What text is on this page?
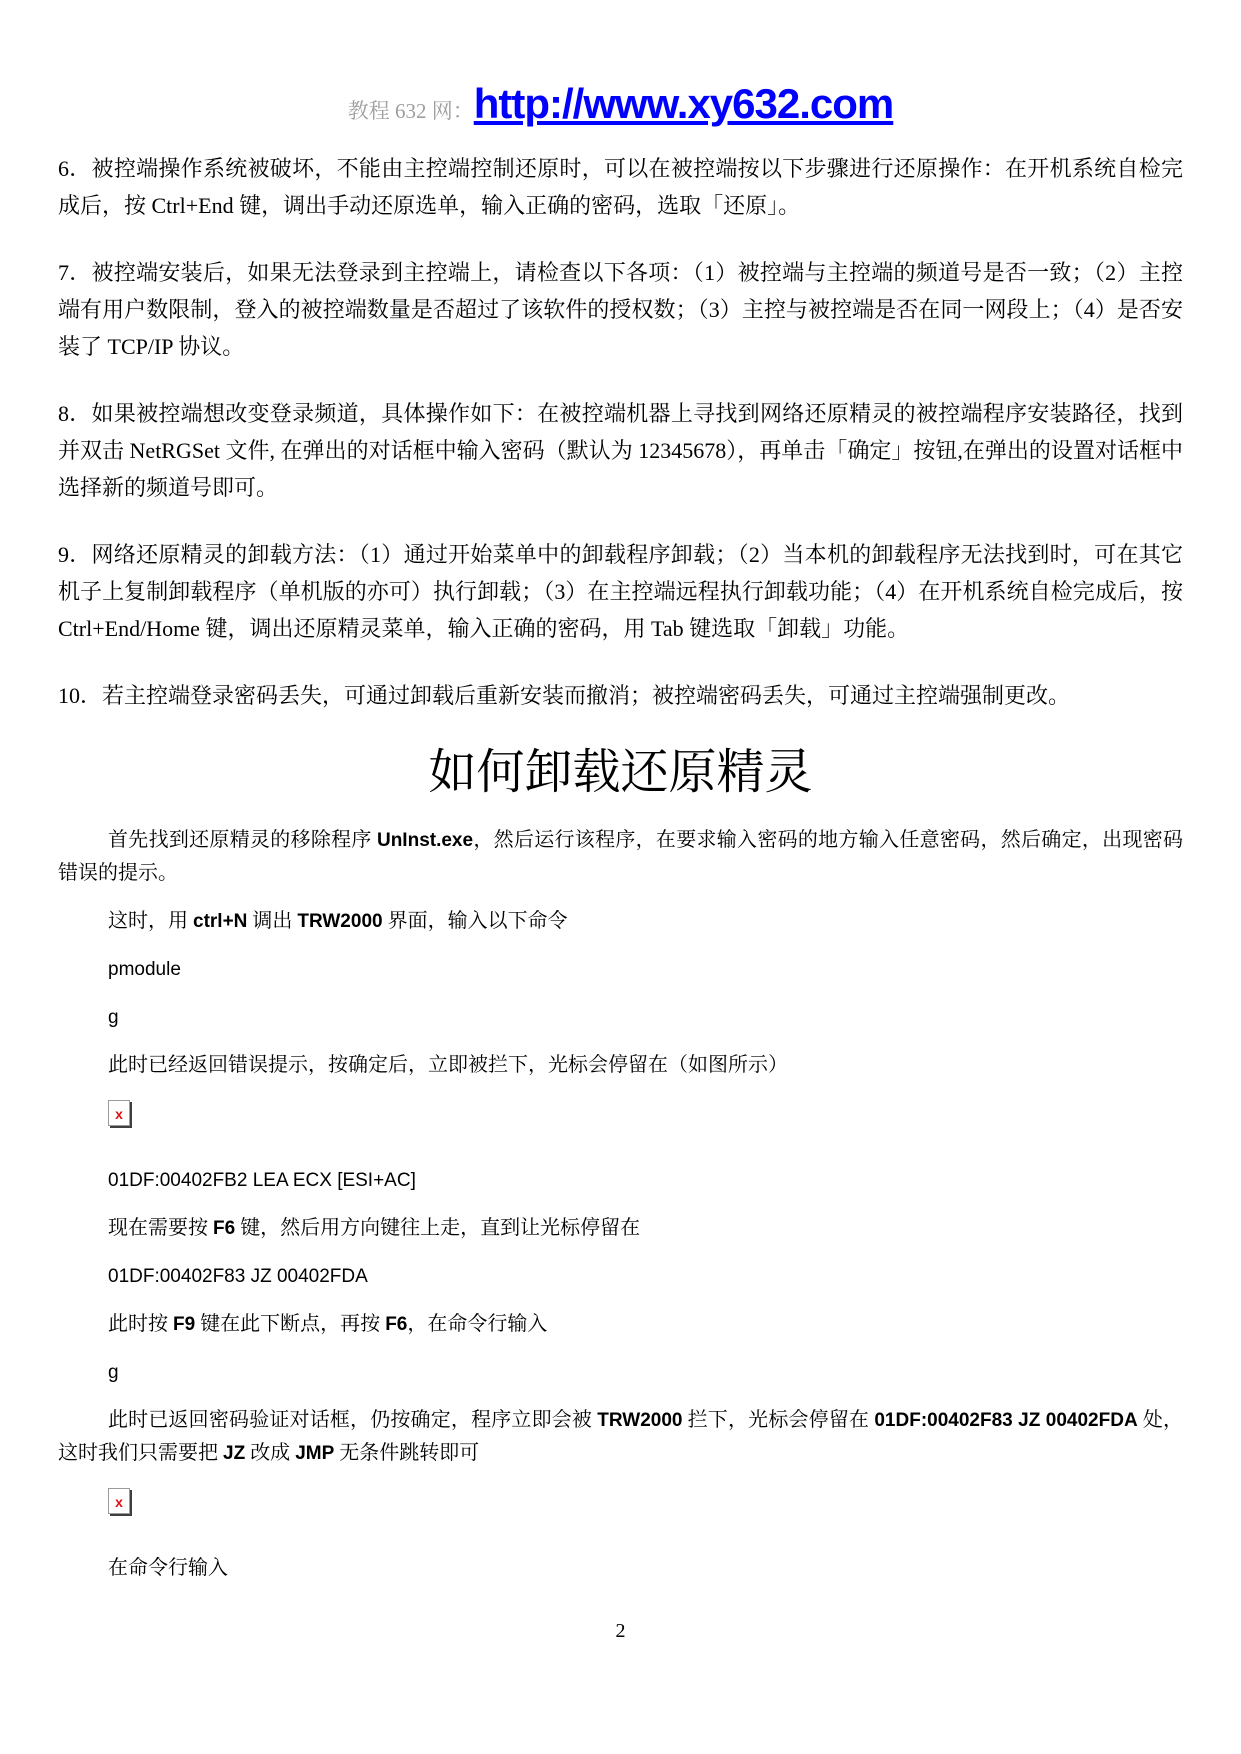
教程 632 网：http://www.xy632.com

6．被控端操作系统被破坏，不能由主控端控制还原时，可以在被控端按以下步骤进行还原操作：在开机系统自检完成后，按 Ctrl+End 键，调出手动还原选单，输入正确的密码，选取「还原」。

7．被控端安装后，如果无法登录到主控端上，请检查以下各项：（1）被控端与主控端的频道号是否一致；（2）主控端有用户数限制，登入的被控端数量是否超过了该软件的授权数；（3）主控与被控端是否在同一网段上；（4）是否安装了 TCP/IP 协议。

8．如果被控端想改变登录频道，具体操作如下：在被控端机器上寻找到网络还原精灵的被控端程序安装路径，找到并双击 NetRGSet 文件, 在弹出的对话框中输入密码（默认为 12345678），再单击「确定」按钮,在弹出的设置对话框中选择新的频道号即可。

9．网络还原精灵的卸载方法：（1）通过开始菜单中的卸载程序卸载；（2）当本机的卸载程序无法找到时，可在其它机子上复制卸载程序（单机版的亦可）执行卸载；（3）在主控端远程执行卸载功能；（4）在开机系统自检完成后，按 Ctrl+End/Home 键，调出还原精灵菜单，输入正确的密码，用 Tab 键选取「卸载」功能。

10．若主控端登录密码丢失，可通过卸载后重新安装而撤消；被控端密码丢失，可通过主控端强制更改。

如何卸载还原精灵

首先找到还原精灵的移除程序 UnInst.exe，然后运行该程序，在要求输入密码的地方输入任意密码，然后确定，出现密码错误的提示。

这时，用 ctrl+N 调出 TRW2000 界面，输入以下命令

pmodule

g

此时已经返回错误提示，按确定后，立即被拦下，光标会停留在（如图所示）

x

01DF:00402FB2 LEA ECX [ESI+AC]

现在需要按 F6 键，然后用方向键往上走，直到让光标停留在

01DF:00402F83 JZ 00402FDA

此时按 F9 键在此下断点，再按 F6，在命令行输入

g

此时已返回密码验证对话框，仍按确定，程序立即会被 TRW2000 拦下，光标会停留在 01DF:00402F83 JZ 00402FDA 处，这时我们只需要把 JZ 改成 JMP 无条件跳转即可

x

在命令行输入

2
